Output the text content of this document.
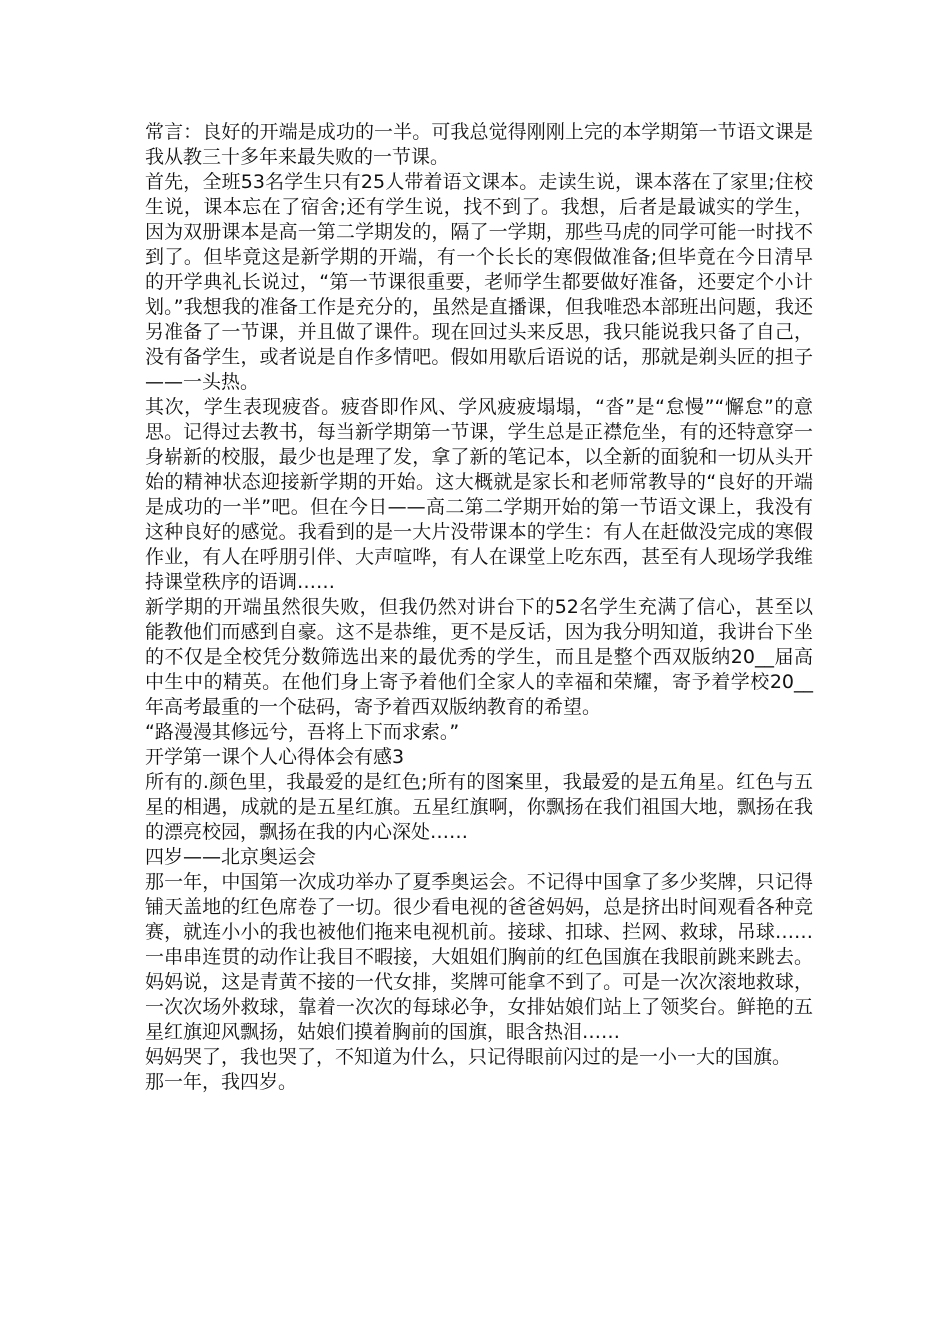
常言：良好的开端是成功的一半。可我总觉得刚刚上完的本学期第一节语文课是我从教三十多年来最失败的一节课。

首先，全班53名学生只有25人带着语文课本。走读生说，课本落在了家里;住校生说，课本忘在了宿舍;还有学生说，找不到了。我想，后者是最诚实的学生，因为双册课本是高一第二学期发的，隔了一学期，那些马虎的同学可能一时找不到了。但毕竟这是新学期的开端，有一个长长的寒假做准备;但毕竟在今日清早的开学典礼长说过，“第一节课很重要，老师学生都要做好准备，还要定个小计划。”我想我的准备工作是充分的，虽然是直播课，但我唯恐本部班出问题，我还另准备了一节课，并且做了课件。现在回过头来反思，我只能说我只备了自己，没有备学生，或者说是自作多情吧。假如用歇后语说的话，那就是剃头匠的担子——一头热。

其次，学生表现疲沓。疲沓即作风、学风疲疲塌塌，“沓”是“怠慢”“懈怠”的意思。记得过去教书，每当新学期第一节课，学生总是正襟危坐，有的还特意穿一身崭新的校服，最少也是理了发，拿了新的笔记本，以全新的面貌和一切从头开始的精神状态迎接新学期的开始。这大概就是家长和老师常教导的“良好的开端是成功的一半”吧。但在今日——高二第二学期开始的第一节语文课上，我没有这种良好的感觉。我看到的是一大片没带课本的学生：有人在赶做没完成的寒假作业，有人在呼朋引伴、大声喧哗，有人在课堂上吃东西，甚至有人现场学我维持课堂秩序的语调……

新学期的开端虽然很失败，但我仍然对讲台下的52名学生充满了信心，甚至以能教他们而感到自豪。这不是恭维，更不是反话，因为我分明知道，我讲台下坐的不仅是全校凭分数筛选出来的最优秀的学生，而且是整个西双版纳20__届高中生中的精英。在他们身上寄予着他们全家人的幸福和荣耀，寄予着学校20__年高考最重的一个砝码，寄予着西双版纳教育的希望。

“路漫漫其修远兮，吾将上下而求索。”

开学第一课个人心得体会有感3

所有的.颜色里，我最爱的是红色;所有的图案里，我最爱的是五角星。红色与五星的相遇，成就的是五星红旗。五星红旗啊，你飘扬在我们祖国大地，飘扬在我的漂亮校园，飘扬在我的内心深处……

四岁——北京奥运会

那一年，中国第一次成功举办了夏季奥运会。不记得中国拿了多少奖牌，只记得铺天盖地的红色席卷了一切。很少看电视的爸爸妈妈，总是挤出时间观看各种竞赛，就连小小的我也被他们拖来电视机前。接球、扣球、拦网、救球，吊球……一串串连贯的动作让我目不暇接，大姐姐们胸前的红色国旗在我眼前跳来跳去。妈妈说，这是青黄不接的一代女排，奖牌可能拿不到了。可是一次次滚地救球，一次次场外救球，靠着一次次的每球必争，女排姑娘们站上了领奖台。鲜艳的五星红旗迎风飘扬，姑娘们摸着胸前的国旗，眼含热泪……

妈妈哭了，我也哭了，不知道为什么，只记得眼前闪过的是一小一大的国旗。

那一年，我四岁。
